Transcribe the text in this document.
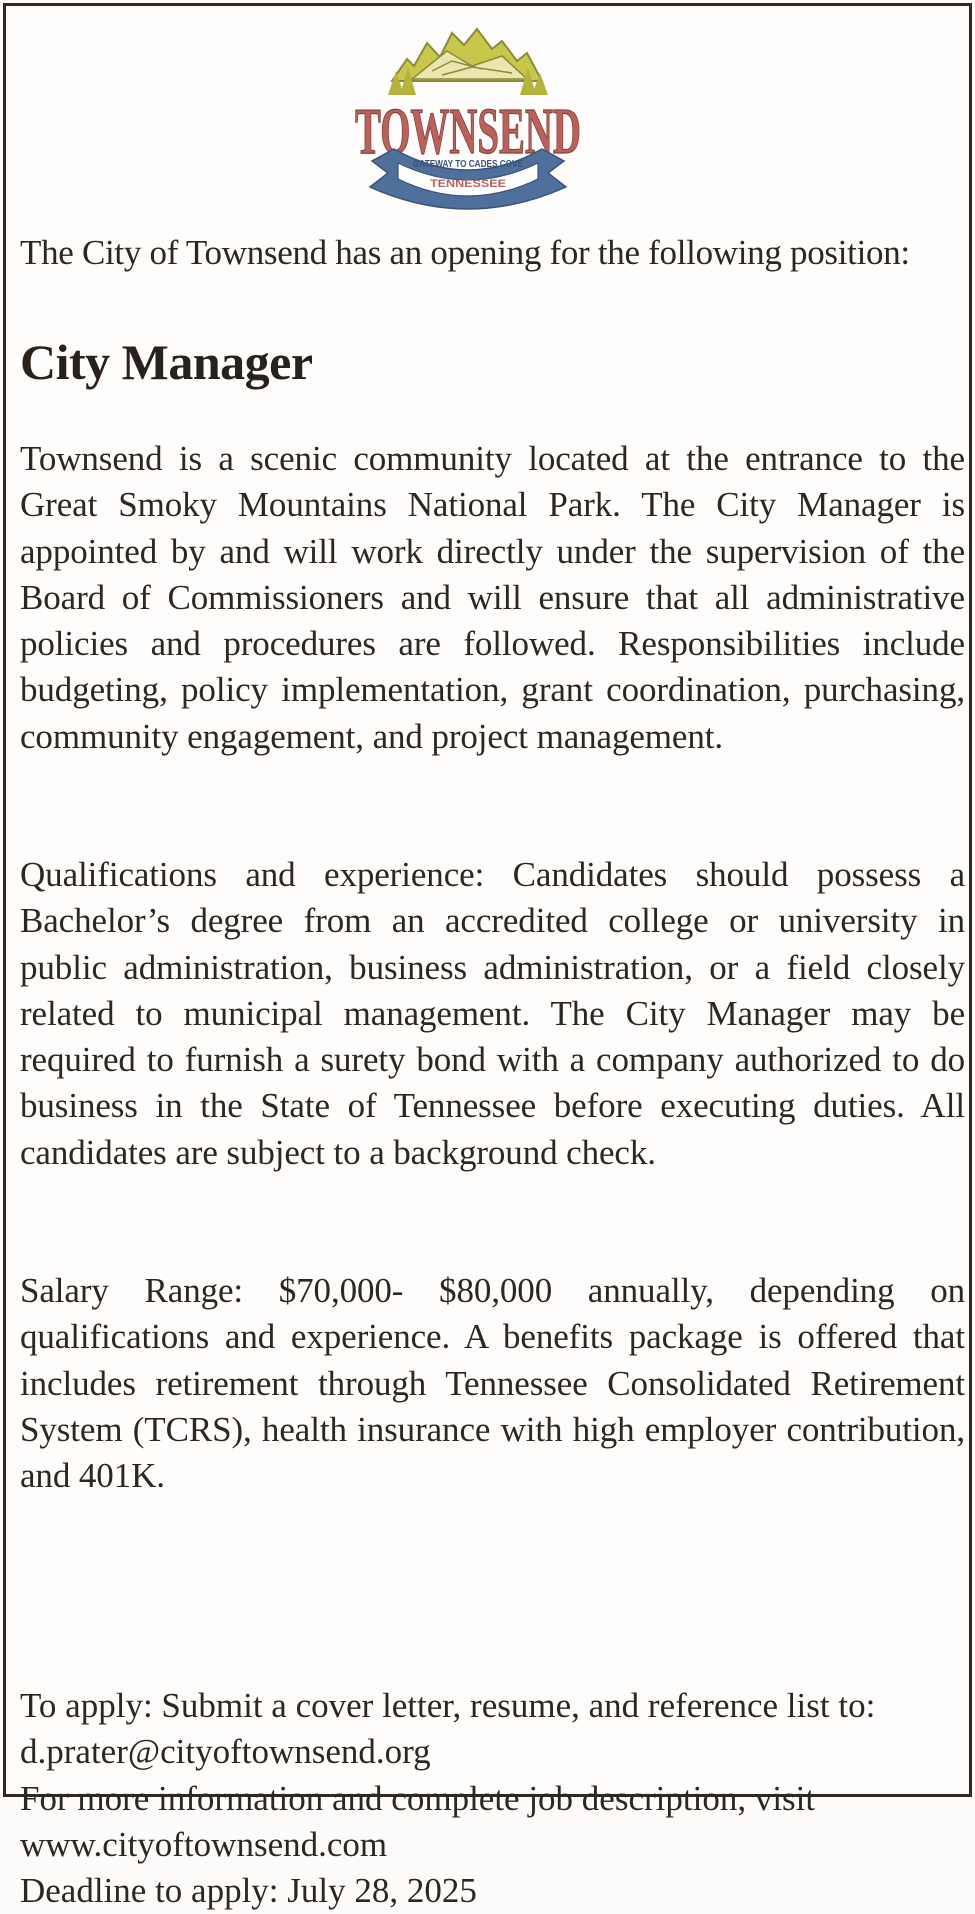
TOWNSEND
GATEWAY TO CADES COVE
TENNESSEE
The City of Townsend has an opening for the following position:
City Manager
Townsend is a scenic community located at the entrance to the Great Smoky Mountains National Park. The City Manager is appointed by and will work directly under the supervision of the Board of Commissioners and will ensure that all administrative policies and procedures are followed. Responsibilities include budgeting, policy implementation, grant coordination, purchasing, community engagement, and project management.
Qualifications and experience: Candidates should possess a Bachelor’s degree from an accredited college or university in public administration, business administration, or a field closely related to municipal management. The City Manager may be required to furnish a surety bond with a company authorized to do business in the State of Tennessee before executing duties. All candidates are subject to a background check.
Salary Range: $70,000- $80,000 annually, depending on qualifications and experience. A benefits package is offered that includes retirement through Tennessee Consolidated Retirement System (TCRS), health insurance with high employer contribution, and 401K.
To apply: Submit a cover letter, resume, and reference list to:
d.prater@cityoftownsend.org
For more information and complete job description, visit
www.cityoftownsend.com
Deadline to apply: July 28, 2025
